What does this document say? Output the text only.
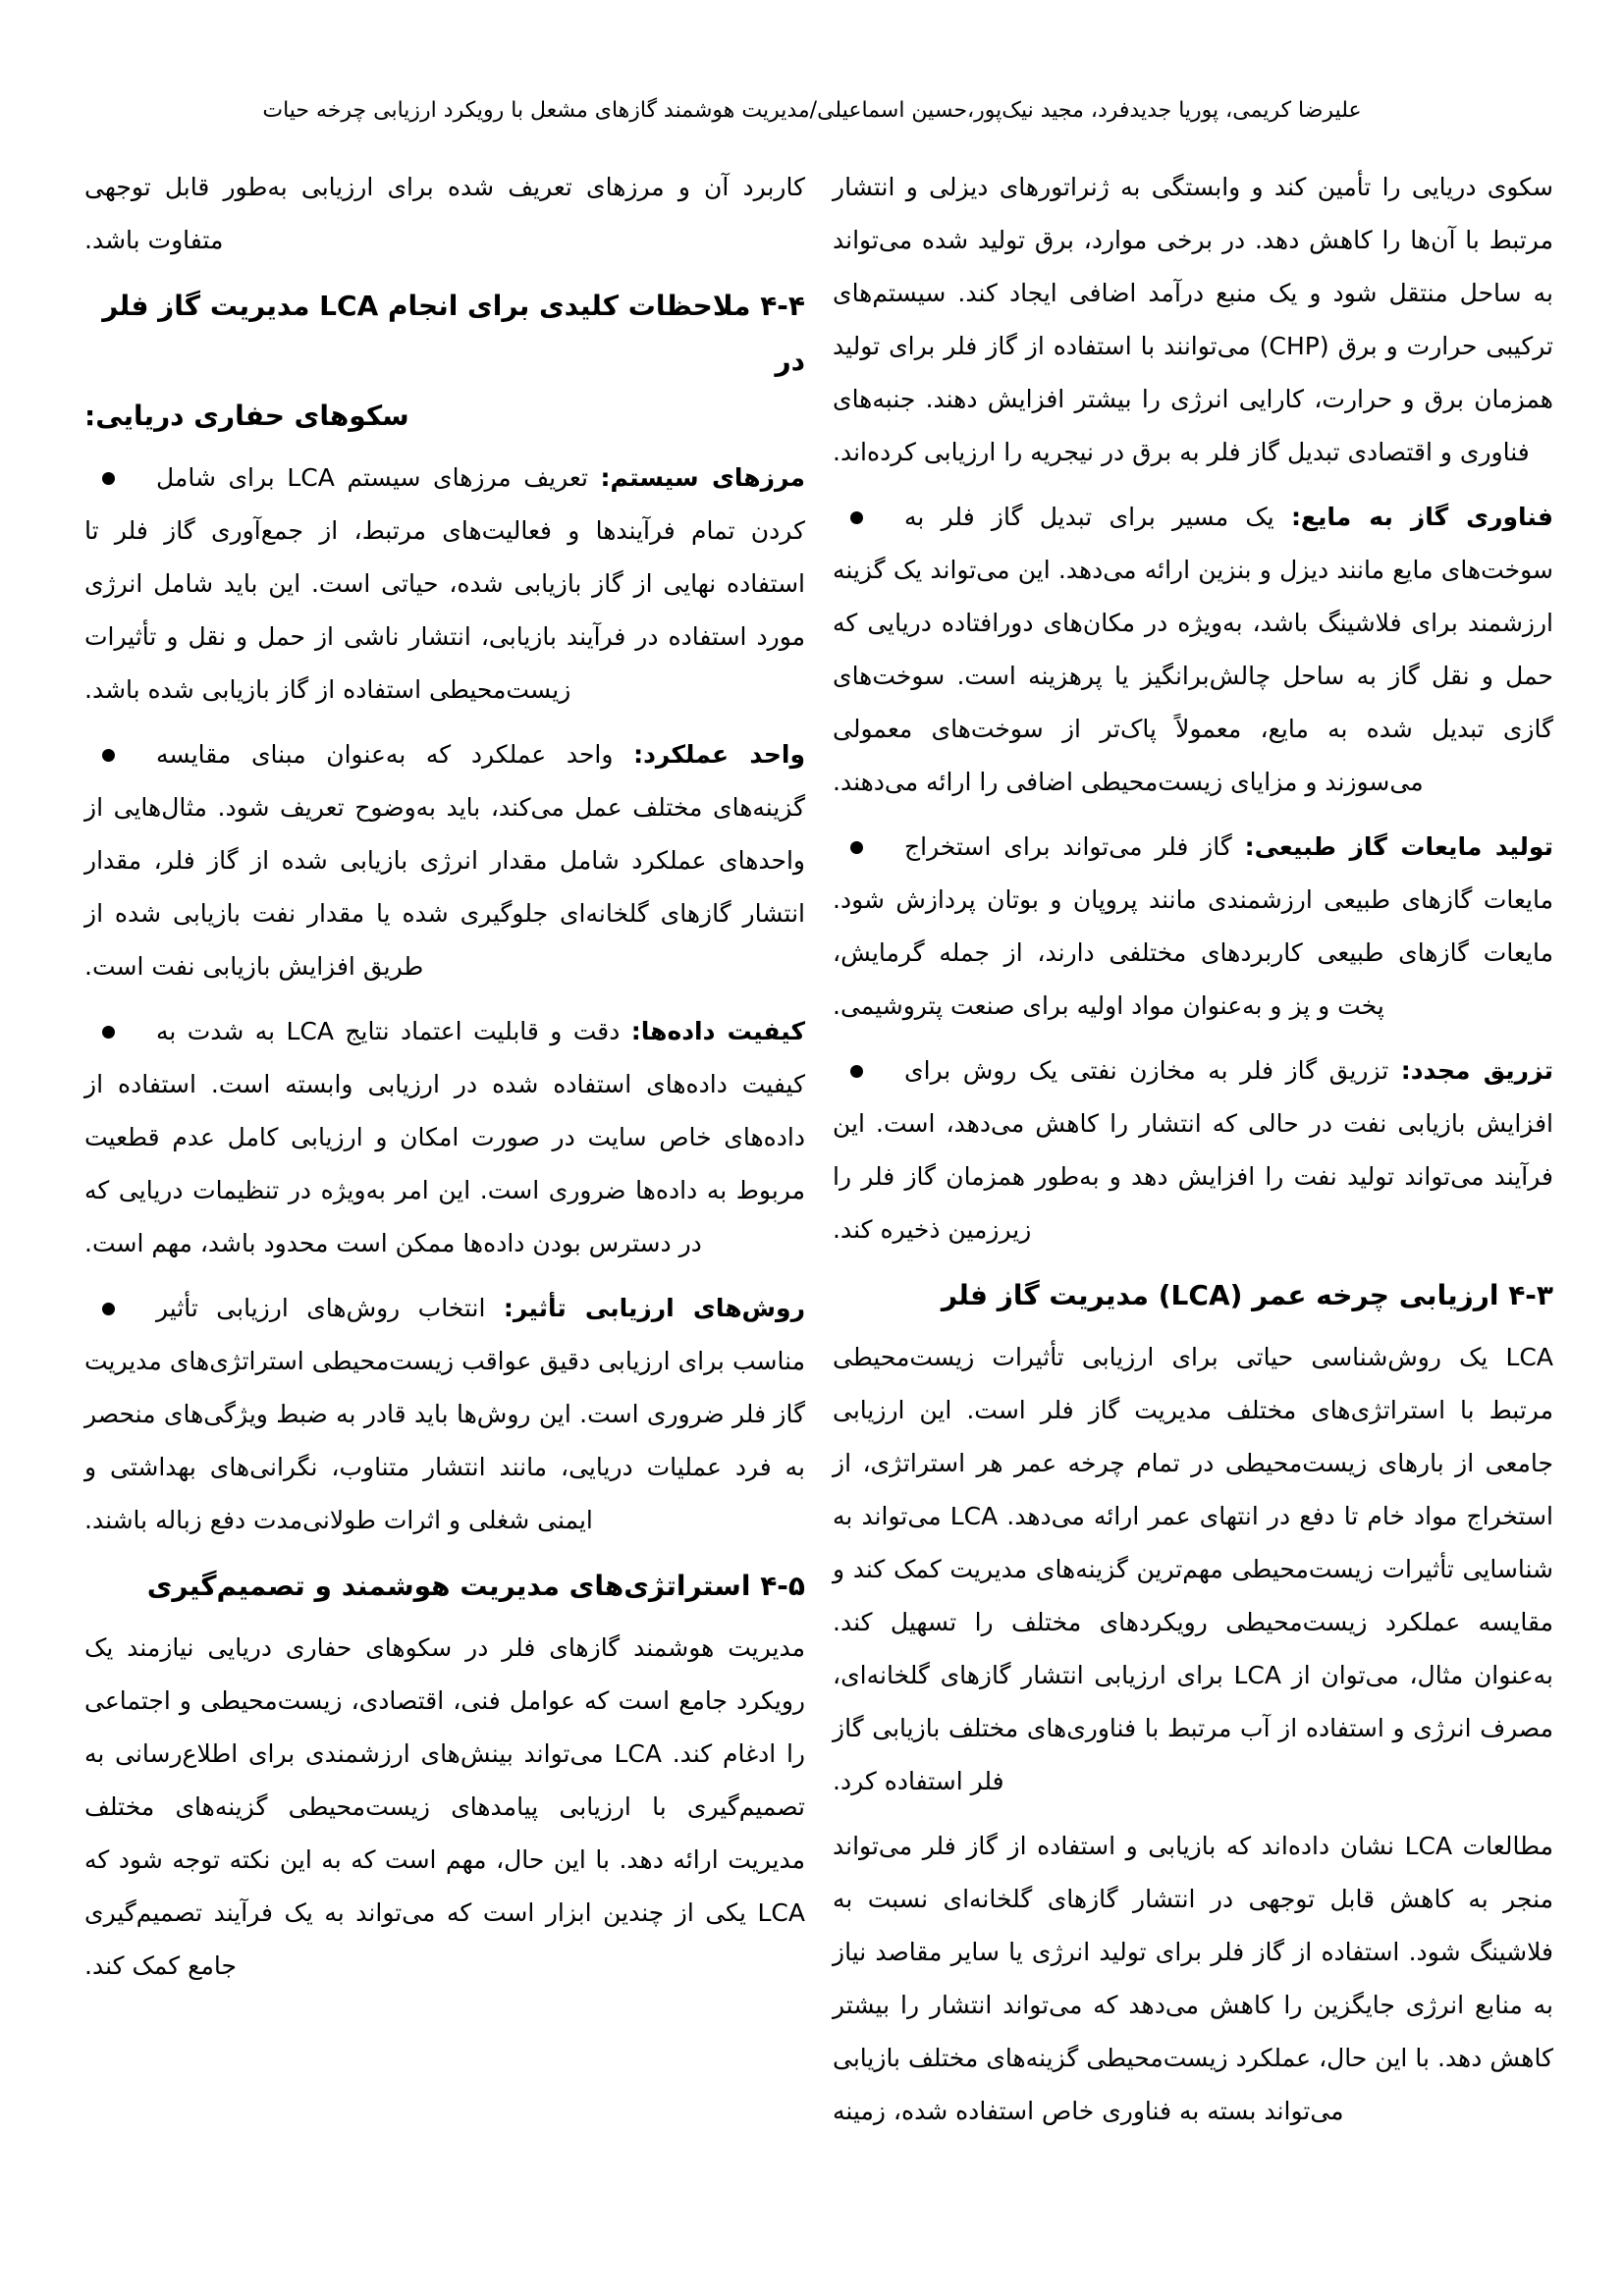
علیرضا کریمی، پوریا جدیدفرد، مجید نیک‌پور،حسین اسماعیلی/مدیریت هوشمند گازهای مشعل با رویکرد ارزیابی چرخه حیات

سکوی دریایی را تأمین کند و وابستگی به ژنراتورهای دیزلی و انتشار مرتبط با آن‌ها را کاهش دهد. در برخی موارد، برق تولید شده می‌تواند به ساحل منتقل شود و یک منبع درآمد اضافی ایجاد کند. سیستم‌های ترکیبی حرارت و برق (CHP) می‌توانند با استفاده از گاز فلر برای تولید همزمان برق و حرارت، کارایی انرژی را بیشتر افزایش دهند. جنبه‌های فناوری و اقتصادی تبدیل گاز فلر به برق در نیجریه را ارزیابی کرده‌اند.

فناوری گاز به مایع: یک مسیر برای تبدیل گاز فلر به سوخت‌های مایع مانند دیزل و بنزین ارائه می‌دهد. این می‌تواند یک گزینه ارزشمند برای فلاشینگ باشد، به‌ویژه در مکان‌های دورافتاده دریایی که حمل و نقل گاز به ساحل چالش‌برانگیز یا پرهزینه است. سوخت‌های گازی تبدیل شده به مایع، معمولاً پاک‌تر از سوخت‌های معمولی می‌سوزند و مزایای زیست‌محیطی اضافی را ارائه می‌دهند.
تولید مایعات گاز طبیعی: گاز فلر می‌تواند برای استخراج مایعات گازهای طبیعی ارزشمندی مانند پروپان و بوتان پردازش شود. مایعات گازهای طبیعی کاربردهای مختلفی دارند، از جمله گرمایش، پخت و پز و به‌عنوان مواد اولیه برای صنعت پتروشیمی.
تزریق مجدد: تزریق گاز فلر به مخازن نفتی یک روش برای افزایش بازیابی نفت در حالی که انتشار را کاهش می‌دهد، است. این فرآیند می‌تواند تولید نفت را افزایش دهد و به‌طور همزمان گاز فلر را زیرزمین ذخیره کند.
۴-۳ ارزیابی چرخه عمر (LCA) مدیریت گاز فلر

LCA یک روش‌شناسی حیاتی برای ارزیابی تأثیرات زیست‌محیطی مرتبط با استراتژی‌های مختلف مدیریت گاز فلر است. این ارزیابی جامعی از بارهای زیست‌محیطی در تمام چرخه عمر هر استراتژی، از استخراج مواد خام تا دفع در انتهای عمر ارائه می‌دهد. LCA می‌تواند به شناسایی تأثیرات زیست‌محیطی مهم‌ترین گزینه‌های مدیریت کمک کند و مقایسه عملکرد زیست‌محیطی رویکردهای مختلف را تسهیل کند. به‌عنوان مثال، می‌توان از LCA برای ارزیابی انتشار گازهای گلخانه‌ای، مصرف انرژی و استفاده از آب مرتبط با فناوری‌های مختلف بازیابی گاز فلر استفاده کرد.

مطالعات LCA نشان داده‌اند که بازیابی و استفاده از گاز فلر می‌تواند منجر به کاهش قابل توجهی در انتشار گازهای گلخانه‌ای نسبت به فلاشینگ شود. استفاده از گاز فلر برای تولید انرژی یا سایر مقاصد نیاز به منابع انرژی جایگزین را کاهش می‌دهد که می‌تواند انتشار را بیشتر کاهش دهد. با این حال، عملکرد زیست‌محیطی گزینه‌های مختلف بازیابی می‌تواند بسته به فناوری خاص استفاده شده، زمینه

کاربرد آن و مرزهای تعریف شده برای ارزیابی به‌طور قابل توجهی متفاوت باشد.

۴-۴ ملاحظات کلیدی برای انجام LCA مدیریت گاز فلر در
سکوهای حفاری دریایی:
مرزهای سیستم: تعریف مرزهای سیستم LCA برای شامل کردن تمام فرآیندها و فعالیت‌های مرتبط، از جمع‌آوری گاز فلر تا استفاده نهایی از گاز بازیابی شده، حیاتی است. این باید شامل انرژی مورد استفاده در فرآیند بازیابی، انتشار ناشی از حمل و نقل و تأثیرات زیست‌محیطی استفاده از گاز بازیابی شده باشد.
واحد عملکرد: واحد عملکرد که به‌عنوان مبنای مقایسه گزینه‌های مختلف عمل می‌کند، باید به‌وضوح تعریف شود. مثال‌هایی از واحدهای عملکرد شامل مقدار انرژی بازیابی شده از گاز فلر، مقدار انتشار گازهای گلخانه‌ای جلوگیری شده یا مقدار نفت بازیابی شده از طریق افزایش بازیابی نفت است.
کیفیت داده‌ها: دقت و قابلیت اعتماد نتایج LCA به شدت به کیفیت داده‌های استفاده شده در ارزیابی وابسته است. استفاده از داده‌های خاص سایت در صورت امکان و ارزیابی کامل عدم قطعیت مربوط به داده‌ها ضروری است. این امر به‌ویژه در تنظیمات دریایی که در دسترس بودن داده‌ها ممکن است محدود باشد، مهم است.
روش‌های ارزیابی تأثیر: انتخاب روش‌های ارزیابی تأثیر مناسب برای ارزیابی دقیق عواقب زیست‌محیطی استراتژی‌های مدیریت گاز فلر ضروری است. این روش‌ها باید قادر به ضبط ویژگی‌های منحصر به فرد عملیات دریایی، مانند انتشار متناوب، نگرانی‌های بهداشتی و ایمنی شغلی و اثرات طولانی‌مدت دفع زباله باشند.
۴-۵ استراتژی‌های مدیریت هوشمند و تصمیم‌گیری

مدیریت هوشمند گازهای فلر در سکوهای حفاری دریایی نیازمند یک رویکرد جامع است که عوامل فنی، اقتصادی، زیست‌محیطی و اجتماعی را ادغام کند. LCA می‌تواند بینش‌های ارزشمندی برای اطلاع‌رسانی به تصمیم‌گیری با ارزیابی پیامدهای زیست‌محیطی گزینه‌های مختلف مدیریت ارائه دهد. با این حال، مهم است که به این نکته توجه شود که LCA یکی از چندین ابزار است که می‌تواند به یک فرآیند تصمیم‌گیری جامع کمک کند.
